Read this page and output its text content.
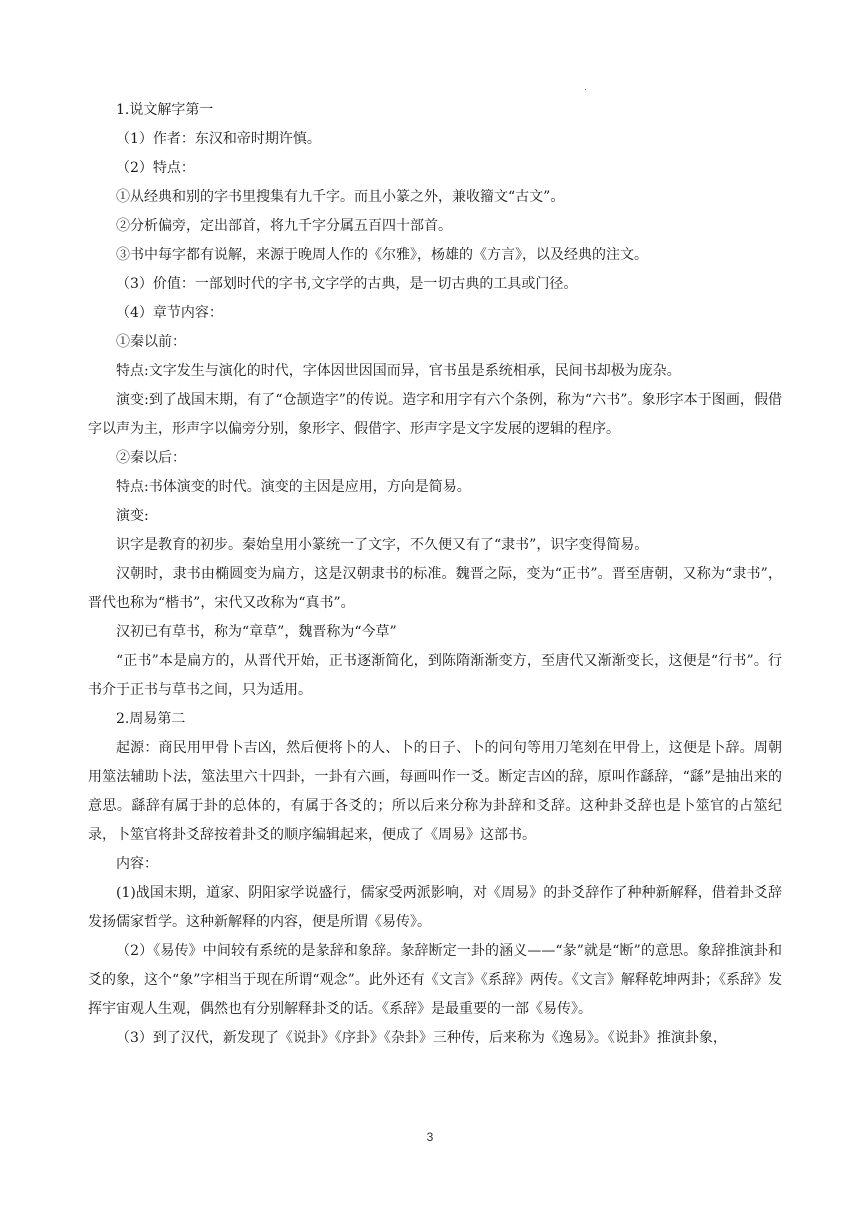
.

1.说文解字第一

（1）作者：东汉和帝时期许慎。

（2）特点：

①从经典和别的字书里搜集有九千字。而且小篆之外，兼收籀文“古文”。

②分析偏旁，定出部首，将九千字分属五百四十部首。

③书中每字都有说解，来源于晚周人作的《尔雅》，杨雄的《方言》，以及经典的注文。

（3）价值：一部划时代的字书,文字学的古典，是一切古典的工具或门径。

（4）章节内容：

①秦以前：

特点:文字发生与演化的时代，字体因世因国而异，官书虽是系统相承，民间书却极为庞杂。

演变:到了战国末期，有了“仓颉造字”的传说。造字和用字有六个条例，称为“六书”。象形字本于图画，假借字以声为主，形声字以偏旁分别，象形字、假借字、形声字是文字发展的逻辑的程序。

②秦以后：

特点:书体演变的时代。演变的主因是应用，方向是简易。

演变:

识字是教育的初步。秦始皇用小篆统一了文字，不久便又有了“隶书”，识字变得简易。

汉朝时，隶书由椭圆变为扁方，这是汉朝隶书的标准。魏晋之际，变为“正书”。晋至唐朝，又称为“隶书”，晋代也称为“楷书”，宋代又改称为“真书”。

汉初已有草书，称为“章草”，魏晋称为“今草”

“正书”本是扁方的，从晋代开始，正书逐渐简化，到陈隋渐渐变方，至唐代又渐渐变长，这便是“行书”。行书介于正书与草书之间，只为适用。

2.周易第二

起源：商民用甲骨卜吉凶，然后便将卜的人、卜的日子、卜的问句等用刀笔刻在甲骨上，这便是卜辞。周朝用筮法辅助卜法，筮法里六十四卦，一卦有六画，每画叫作一爻。断定吉凶的辞，原叫作繇辞，“繇”是抽出来的意思。繇辞有属于卦的总体的，有属于各爻的；所以后来分称为卦辞和爻辞。这种卦爻辞也是卜筮官的占筮纪录，卜筮官将卦爻辞按着卦爻的顺序编辑起来，便成了《周易》这部书。

内容：

(1)战国末期，道家、阴阳家学说盛行，儒家受两派影响，对《周易》的卦爻辞作了种种新解释，借着卦爻辞发扬儒家哲学。这种新解释的内容，便是所谓《易传》。

（2）《易传》中间较有系统的是彖辞和象辞。彖辞断定一卦的涵义——“彖”就是“断”的意思。象辞推演卦和爻的象，这个“象”字相当于现在所谓“观念”。此外还有《文言》《系辞》两传。《文言》解释乾坤两卦；《系辞》发挥宇宙观人生观，偶然也有分别解释卦爻的话。《系辞》是最重要的一部《易传》。

（3）到了汉代，新发现了《说卦》《序卦》《杂卦》三种传，后来称为《逸易》。《说卦》推演卦象，

3
